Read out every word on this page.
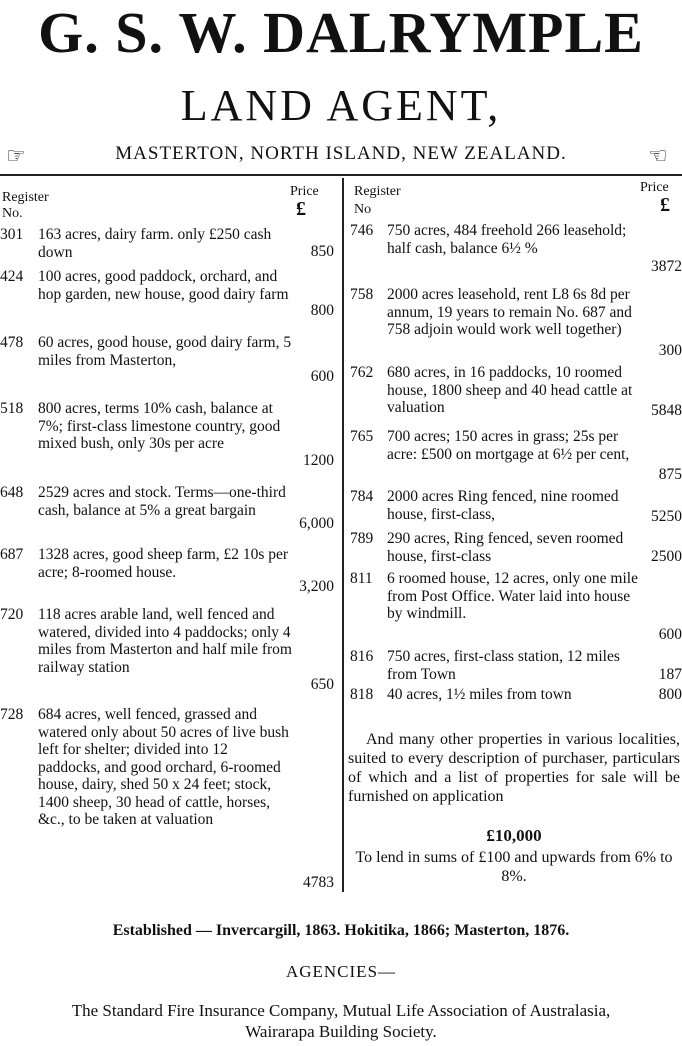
G. S. W. DALRYMPLE
LAND AGENT,
☞	MASTERTON, NORTH ISLAND, NEW ZEALAND.	☜
Register
No.
Price
£
Register
No
Price
£
301 163 acres, dairy farm. only £250 cash down	850
424 100 acres, good paddock, orchard, and hop garden, new house, good dairy farm
800
478 60 acres, good house, good dairy farm, 5 miles from Masterton,
600
518 800 acres, terms 10% cash, balance at 7%; first-class limestone country, good mixed bush, only 30s per acre
1200
648 2529 acres and stock. Terms—one-third cash, balance at 5% a great bargain
6,000
687 1328 acres, good sheep farm, £2 10s per acre; 8-roomed house.
3,200
720 118 acres arable land, well fenced and watered, divided into 4 paddocks; only 4 miles from Masterton and half mile from railway station
650
728 684 acres, well fenced, grassed and watered only about 50 acres of live bush left for shelter; divided into 12 paddocks, and good orchard, 6-roomed house, dairy, shed 50 x 24 feet; stock, 1400 sheep, 30 head of cattle, horses, &c., to be taken at valuation
4783
746 750 acres, 484 freehold 266 leasehold; half cash, balance 6½ %
3872
758 2000 acres leasehold, rent L8 6s 8d per annum, 19 years to remain No. 687 and 758 adjoin would work well together)
300
762 680 acres, in 16 paddocks, 10 roomed house, 1800 sheep and 40 head cattle at valuation	5848
765 700 acres; 150 acres in grass; 25s per acre: £500 on mortgage at 6½ per cent,
875
784 2000 acres Ring fenced, nine roomed house, first-class,	5250
789 290 acres, Ring fenced, seven roomed house, first-class	2500
811 6 roomed house, 12 acres, only one mile from Post Office. Water laid into house by windmill.
600
816 750 acres, first-class station, 12 miles from Town	187
818 40 acres, 1½ miles from town	800
And many other properties in various localities, suited to every description of purchaser, particulars of which and a list of properties for sale will be furnished on application
£10,000
To lend in sums of £100 and upwards from 6% to 8%.
Established — Invercargill, 1863. Hokitika, 1866; Masterton, 1876.
AGENCIES—
The Standard Fire Insurance Company, Mutual Life Association of Australasia, Wairarapa Building Society.
